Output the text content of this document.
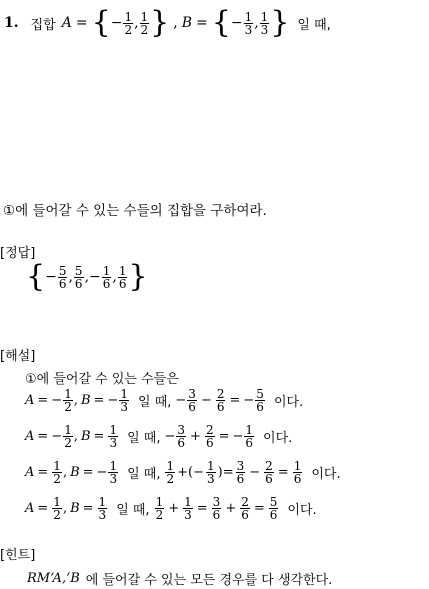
1. 집합 A = { − $\frac{1}{2}$ , $\frac{1}{2}$ } , B = { − $\frac{1}{3}$ , $\frac{1}{3}$ } 일 때,
①에 들어갈 수 있는 수들의 집합을 구하여라.
[정답]
{ − $\frac{5}{6}$ , $\frac{5}{6}$ , − $\frac{1}{6}$ , $\frac{1}{6}$ }
[해설]
①에 들어갈 수 있는 수들은
A = − $\frac{1}{2}$ , B = − $\frac{1}{3}$ 일 때, − $\frac{3}{6} - \frac{2}{6}$ = − $\frac{5}{6}$ 이다.
A = − $\frac{1}{2}$ , $B = \frac{1}{3}$ 일 때, − $\frac{3}{6} + \frac{2}{6}$ = − $\frac{1}{6}$ 이다.
$A = \frac{1}{2}$ , B = − $\frac{1}{3}$ 일 때, $\frac{1}{2}$ +(− $\frac{1}{3}$ )= $\frac{3}{6} - \frac{2}{6} = \frac{1}{6}$ 이다.
$A = \frac{1}{2}$ , $B = \frac{1}{3}$ 일 때, $\frac{1}{2} + \frac{1}{3} = \frac{3}{6} + \frac{2}{6} = \frac{5}{6}$ 이다.
[힌트]
RM‘A,‘B 에 들어갈 수 있는 모든 경우를 다 생각한다.
